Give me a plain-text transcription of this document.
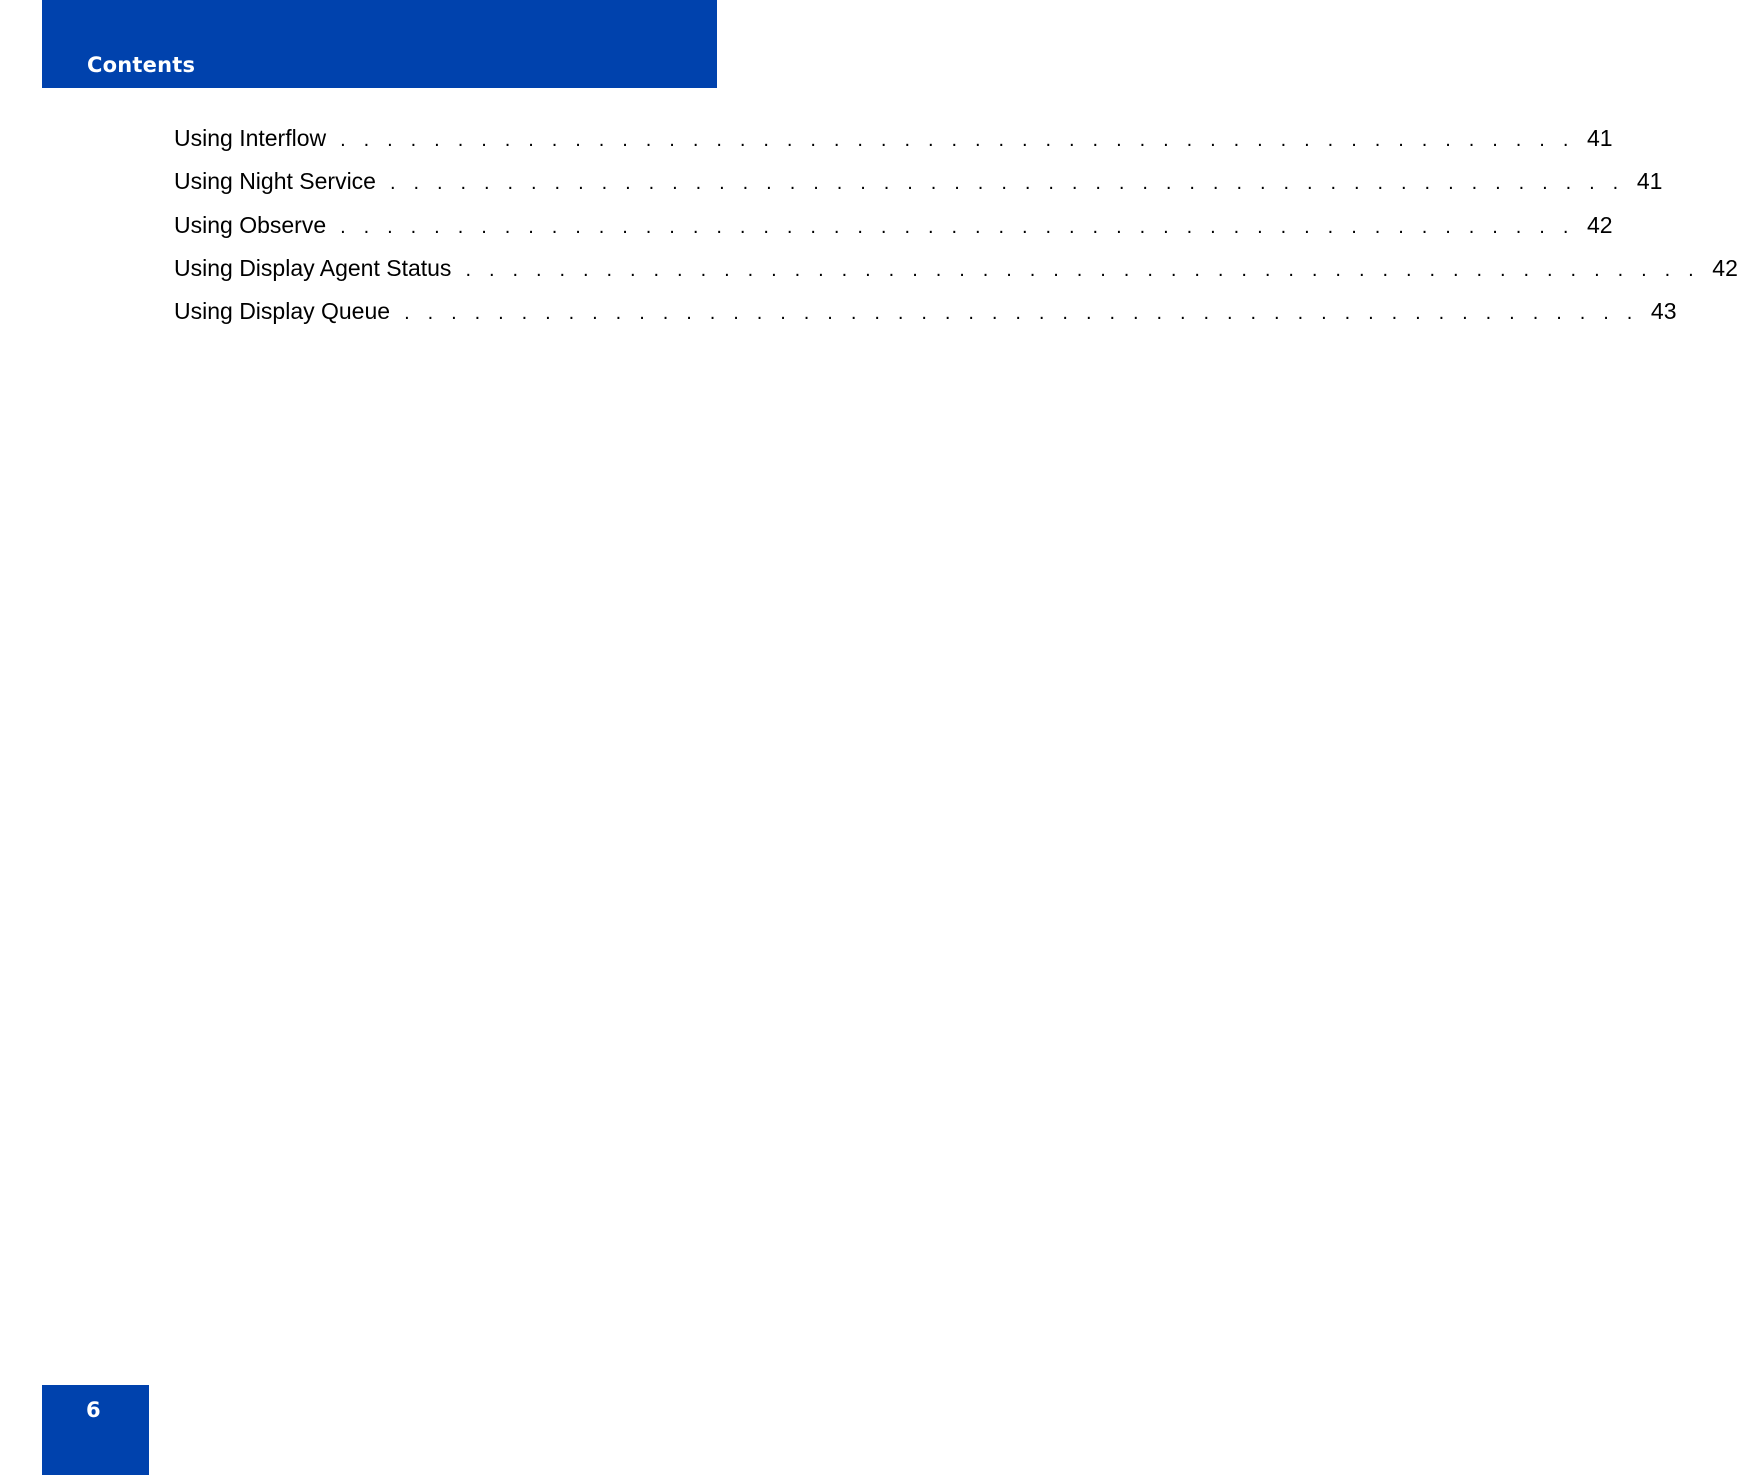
Contents
Using Interflow . . . . . . . . . . . . . . . . . . . . . . . . . . . . . . . . . . . . . . . . . . . . . . . . . . . . . 41
Using Night Service . . . . . . . . . . . . . . . . . . . . . . . . . . . . . . . . . . . . . . . . . . . . . . . . . . . . . 41
Using Observe . . . . . . . . . . . . . . . . . . . . . . . . . . . . . . . . . . . . . . . . . . . . . . . . . . . . . 42
Using Display Agent Status . . . . . . . . . . . . . . . . . . . . . . . . . . . . . . . . . . . . . . . . . . . . . . . . . . . . . 42
Using Display Queue . . . . . . . . . . . . . . . . . . . . . . . . . . . . . . . . . . . . . . . . . . . . . . . . . . . . . 43
6
